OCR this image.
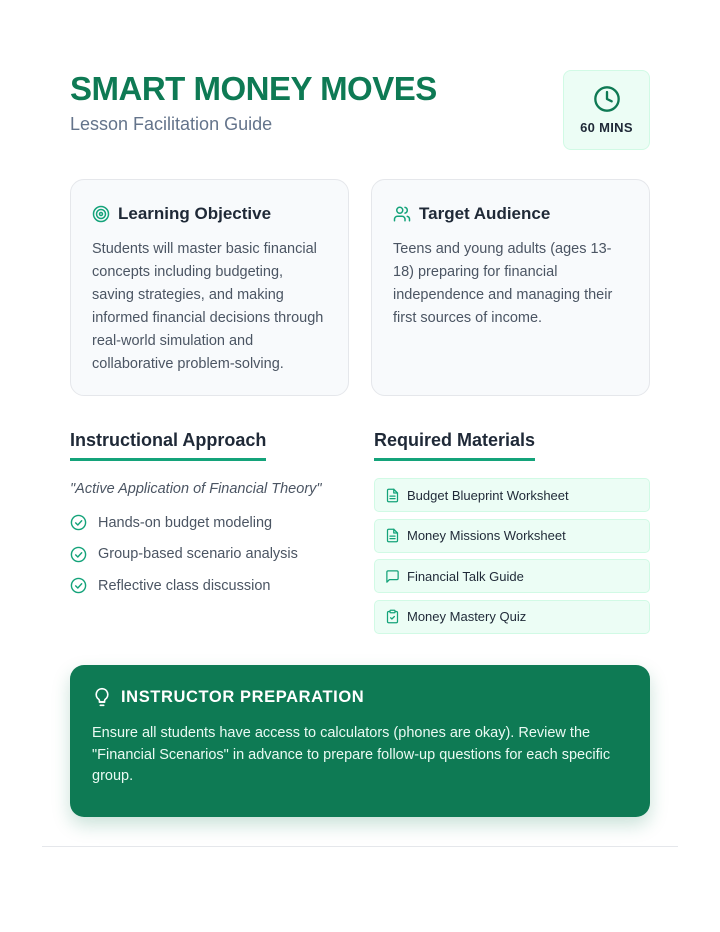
SMART MONEY MOVES
Lesson Facilitation Guide	60 MINS
Learning Objective

Students will master basic financial concepts including budgeting, saving strategies, and making informed financial decisions through real-world simulation and collaborative problem-solving.

Target Audience

Teens and young adults (ages 13-18) preparing for financial independence and managing their first sources of income.

Instructional Approach

"Active Application of Financial Theory"

Hands-on budget modeling
Group-based scenario analysis
Reflective class discussion
Required Materials
Budget Blueprint Worksheet
Money Missions Worksheet
Financial Talk Guide
Money Mastery Quiz
INSTRUCTOR PREPARATION

Ensure all students have access to calculators (phones are okay). Review the "Financial Scenarios" in advance to prepare follow-up questions for each specific group.
